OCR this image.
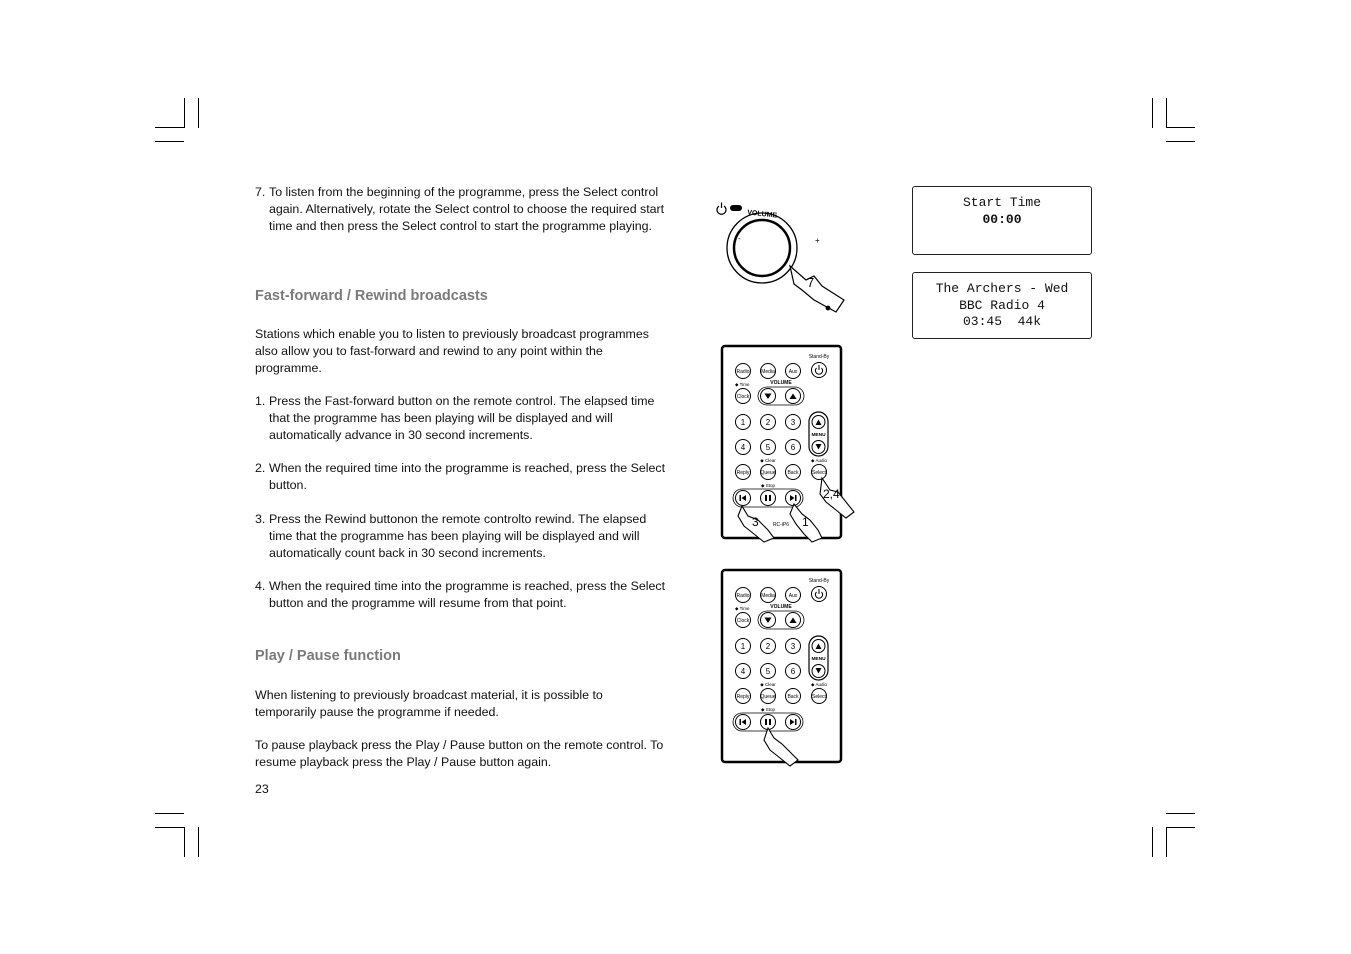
7. To listen from the beginning of the programme, press the Select control again. Alternatively, rotate the Select control to choose the required start time and then press the Select control to start the programme playing.
Fast-forward / Rewind broadcasts

Stations which enable you to listen to previously broadcast programmes also allow you to fast-forward and rewind to any point within the programme.

1. Press the Fast-forward button on the remote control. The elapsed time that the programme has been playing will be displayed and will automatically advance in 30 second increments.
2. When the required time into the programme is reached, press the Select button.
3. Press the Rewind buttonon the remote controlto rewind. The elapsed time that the programme has been playing will be displayed and will automatically count back in 30 second increments.
4. When the required time into the programme is reached, press the Select button and the programme will resume from that point.
Play / Pause function

When listening to previously broadcast material, it is possible to temporarily pause the programme if needed.

To pause playback press the Play / Pause button on the remote control. To resume playback press the Play / Pause button again.

23
Start Time
00:00
The Archers - Wed
BBC Radio 4
03:45  44k
VOLUME
-	+
7
Stand-By
Radio Media	Aux
◆ Time
Clock
VOLUME
1	2	3
4	5	6
MENU
◆ Clear	◆ Audio
Reply Queue Back	Select
◆ Stop
RC-iP6
2,4
3	1
Stand-By
Radio Media	Aux
◆ Time
Clock
VOLUME
1	2	3
4	5	6
MENU
◆ Clear	◆ Audio
Reply Queue Back	Select
◆ Stop
